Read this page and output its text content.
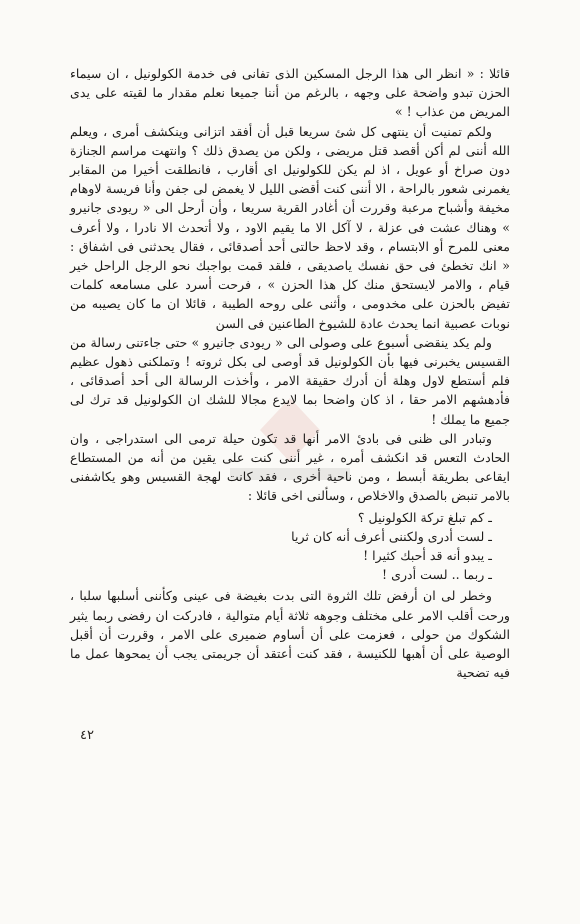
قائلا : « انظر الى هذا الرجل المسكين الذى تفانى فى خدمة الكولونيل ، ان سيماء الحزن تبدو واضحة على وجهه ، بالرغم من أننا جميعا نعلم مقدار ما لقيته على يدى المريض من عذاب ! »

ولكم تمنيت أن ينتهى كل شئ سريعا قبل أن أفقد اتزانى وينكشف أمرى ، ويعلم الله أننى لم أكن أقصد قتل مريضى ، ولكن من يصدق ذلك ؟ وانتهت مراسم الجنازة دون صراخ أو عويل ، اذ لم يكن للكولونيل اى أقارب ، فانطلقت أخيرا من المقابر يغمرنى شعور بالراحة ، الا أننى كنت أقضى الليل لا يغمض لى جفن وأنا فريسة لاوهام مخيفة وأشباح مرعبة وقررت أن أغادر القرية سريعا ، وأن أرحل الى « ريودى جانيرو » وهناك عشت فى عزلة ، لا آكل الا ما يقيم الاود ، ولا أتحدث الا نادرا ، ولا أعرف معنى للمرح أو الابتسام ، وقد لاحظ حالتى أحد أصدقائى ، فقال يحدثنى فى اشفاق : « انك تخطئ فى حق نفسك ياصديقى ، فلقد قمت بواجبك نحو الرجل الراحل خير قيام ، والامر لايستحق منك كل هذا الحزن » ، فرحت أسرد على مسامعه كلمات تفيض بالحزن على مخدومى ، وأثنى على روحه الطيبة ، قائلا ان ما كان يصيبه من نوبات عصبية انما يحدث عادة للشيوخ الطاعنين فى السن

ولم يكد ينقضى أسبوع على وصولى الى « ريودى جانيرو » حتى جاءتنى رسالة من القسيس يخبرنى فيها بأن الكولونيل قد أوصى لى بكل ثروته ! وتملكنى ذهول عظيم فلم أستطع لاول وهلة أن أدرك حقيقة الامر ، وأخذت الرسالة الى أحد أصدقائى ، فأدهشهم الامر حقا ، اذ كان واضحا بما لايدع مجالا للشك ان الكولونيل قد ترك لى جميع ما يملك !

وتبادر الى ظنى فى بادئ الامر أنها قد تكون حيلة ترمى الى استدراجى ، وان الحادث التعس قد انكشف أمره ، غير أننى كنت على يقين من أنه من المستطاع ايقاعى بطريقة أبسط ، ومن ناحية أخرى ، فقد كانت لهجة القسيس وهو يكاشفنى بالامر تنبض بالصدق والاخلاص ، وسألنى اخى قائلا :

ـ كم تبلغ تركة الكولونيل ؟
ـ لست أدرى ولكننى أعرف أنه كان ثريا
ـ يبدو أنه قد أحبك كثيرا !
ـ ربما .. لست أدرى !

وخطر لى ان أرفض تلك الثروة التى بدت بغيضة فى عينى وكأننى أسلبها سلبا ، ورحت أقلب الامر على مختلف وجوهه ثلاثة أيام متوالية ، فادركت ان رفضى ربما يثير الشكوك من حولى ، فعزمت على أن أساوم ضميرى على الامر ، وقررت أن أقبل الوصية على أن أهبها للكنيسة ، فقد كنت أعتقد أن جريمتى يجب أن يمحوها عمل ما فيه تضحية

٤٢
